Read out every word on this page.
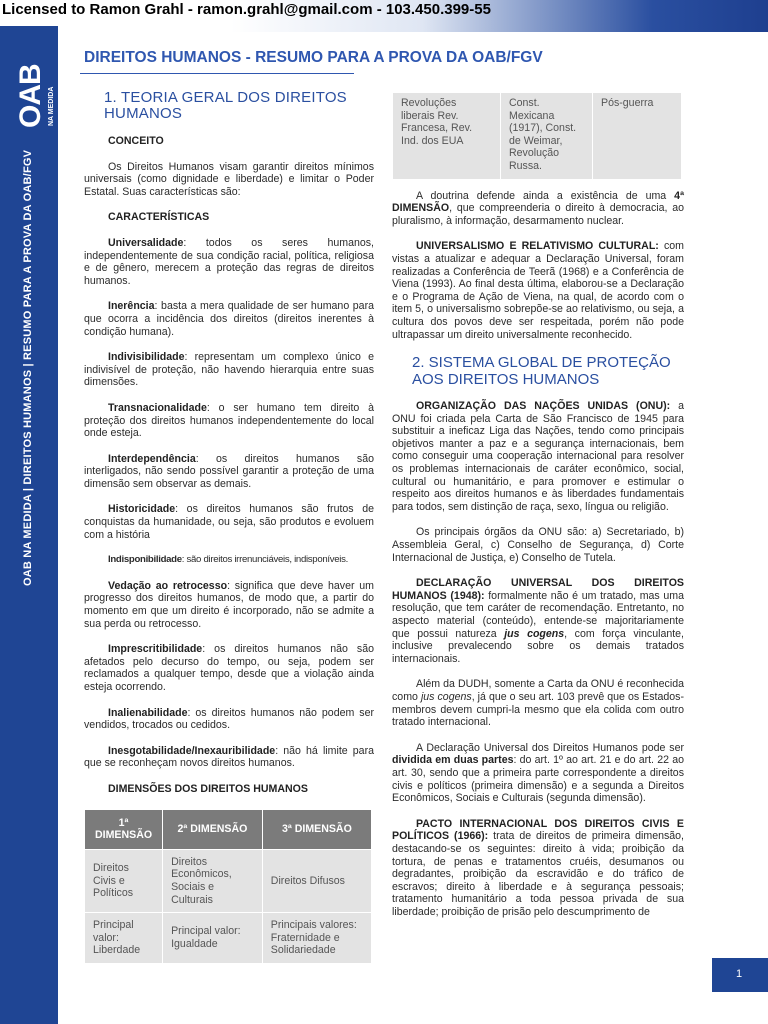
Licensed to Ramon Grahl - ramon.grahl@gmail.com - 103.450.399-55
OAB NA MEDIDA
OAB NA MEDIDA | DIREITOS HUMANOS | RESUMO PARA A PROVA DA OAB/FGV
DIREITOS HUMANOS - RESUMO PARA A PROVA DA OAB/FGV
1. TEORIA GERAL DOS DIREITOS HUMANOS
CONCEITO

Os Direitos Humanos visam garantir direitos mínimos universais (como dignidade e liberdade) e limitar o Poder Estatal. Suas características são:

CARACTERÍSTICAS

Universalidade: todos os seres humanos, independentemente de sua condição racial, política, religiosa e de gênero, merecem a proteção das regras de direitos humanos.

Inerência: basta a mera qualidade de ser humano para que ocorra a incidência dos direitos (direitos inerentes à condição humana).

Indivisibilidade: representam um complexo único e indivisível de proteção, não havendo hierarquia entre suas dimensões.

Transnacionalidade: o ser humano tem direito à proteção dos direitos humanos independentemente do local onde esteja.

Interdependência: os direitos humanos são interligados, não sendo possível garantir a proteção de uma dimensão sem observar as demais.

Historicidade: os direitos humanos são frutos de conquistas da humanidade, ou seja, são produtos e evoluem com a história

Indisponibilidade: são direitos irrenunciáveis, indisponíveis.

Vedação ao retrocesso: significa que deve haver um progresso dos direitos humanos, de modo que, a partir do momento em que um direito é incorporado, não se admite a sua perda ou retrocesso.

Imprescritibilidade: os direitos humanos não são afetados pelo decurso do tempo, ou seja, podem ser reclamados a qualquer tempo, desde que a violação ainda esteja ocorrendo.

Inalienabilidade: os direitos humanos não podem ser vendidos, trocados ou cedidos.

Inesgotabilidade/Inexauribilidade: não há limite para que se reconheçam novos direitos humanos.

DIMENSÕES DOS DIREITOS HUMANOS
1ª DIMENSÃO	2ª DIMENSÃO	3ª DIMENSÃO
Direitos Civis e Políticos	Direitos Econômicos, Sociais e Culturais	Direitos Difusos
Principal valor: Liberdade	Principal valor: Igualdade	Principais valores: Fraternidade e Solidariedade
Revoluções liberais Rev. Francesa, Rev. Ind. dos EUA	Const. Mexicana (1917), Const. de Weimar, Revolução Russa.	Pós-guerra

A doutrina defende ainda a existência de uma 4ª DIMENSÃO, que compreenderia o direito à democracia, ao pluralismo, à informação, desarmamento nuclear.

UNIVERSALISMO E RELATIVISMO CULTURAL: com vistas a atualizar e adequar a Declaração Universal, foram realizadas a Conferência de Teerã (1968) e a Conferência de Viena (1993). Ao final desta última, elaborou-se a Declaração e o Programa de Ação de Viena, na qual, de acordo com o item 5, o universalismo sobrepõe-se ao relativismo, ou seja, a cultura dos povos deve ser respeitada, porém não pode ultrapassar um direito universalmente reconhecido.

2. SISTEMA GLOBAL DE PROTEÇÃO AOS DIREITOS HUMANOS

ORGANIZAÇÃO DAS NAÇÕES UNIDAS (ONU): a ONU foi criada pela Carta de São Francisco de 1945 para substituir a ineficaz Liga das Nações, tendo como principais objetivos manter a paz e a segurança internacionais, bem como conseguir uma cooperação internacional para resolver os problemas internacionais de caráter econômico, social, cultural ou humanitário, e para promover e estimular o respeito aos direitos humanos e às liberdades fundamentais para todos, sem distinção de raça, sexo, língua ou religião.

Os principais órgãos da ONU são: a) Secretariado, b) Assembleia Geral, c) Conselho de Segurança, d) Corte Internacional de Justiça, e) Conselho de Tutela.

DECLARAÇÃO UNIVERSAL DOS DIREITOS HUMANOS (1948): formalmente não é um tratado, mas uma resolução, que tem caráter de recomendação. Entretanto, no aspecto material (conteúdo), entende-se majoritariamente que possui natureza jus cogens, com força vinculante, inclusive prevalecendo sobre os demais tratados internacionais.

Além da DUDH, somente a Carta da ONU é reconhecida como jus cogens, já que o seu art. 103 prevê que os Estados-membros devem cumpri-la mesmo que ela colida com outro tratado internacional.

A Declaração Universal dos Direitos Humanos pode ser dividida em duas partes: do art. 1º ao art. 21 e do art. 22 ao art. 30, sendo que a primeira parte correspondente a direitos civis e políticos (primeira dimensão) e a segunda a Direitos Econômicos, Sociais e Culturais (segunda dimensão).

PACTO INTERNACIONAL DOS DIREITOS CIVIS E POLÍTICOS (1966): trata de direitos de primeira dimensão, destacando-se os seguintes: direito à vida; proibição da tortura, de penas e tratamentos cruéis, desumanos ou degradantes, proibição da escravidão e do tráfico de escravos; direito à liberdade e à segurança pessoais; tratamento humanitário a toda pessoa privada de sua liberdade; proibição de prisão pelo descumprimento de

1
